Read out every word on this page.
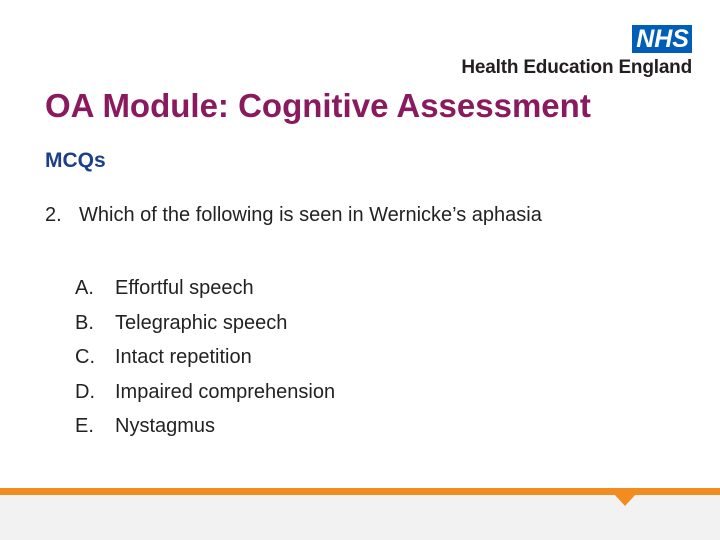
NHS
Health Education England
OA Module: Cognitive Assessment
MCQs
2. Which of the following is seen in Wernicke’s aphasia
A. Effortful speech
B. Telegraphic speech
C. Intact repetition
D. Impaired comprehension
E. Nystagmus
